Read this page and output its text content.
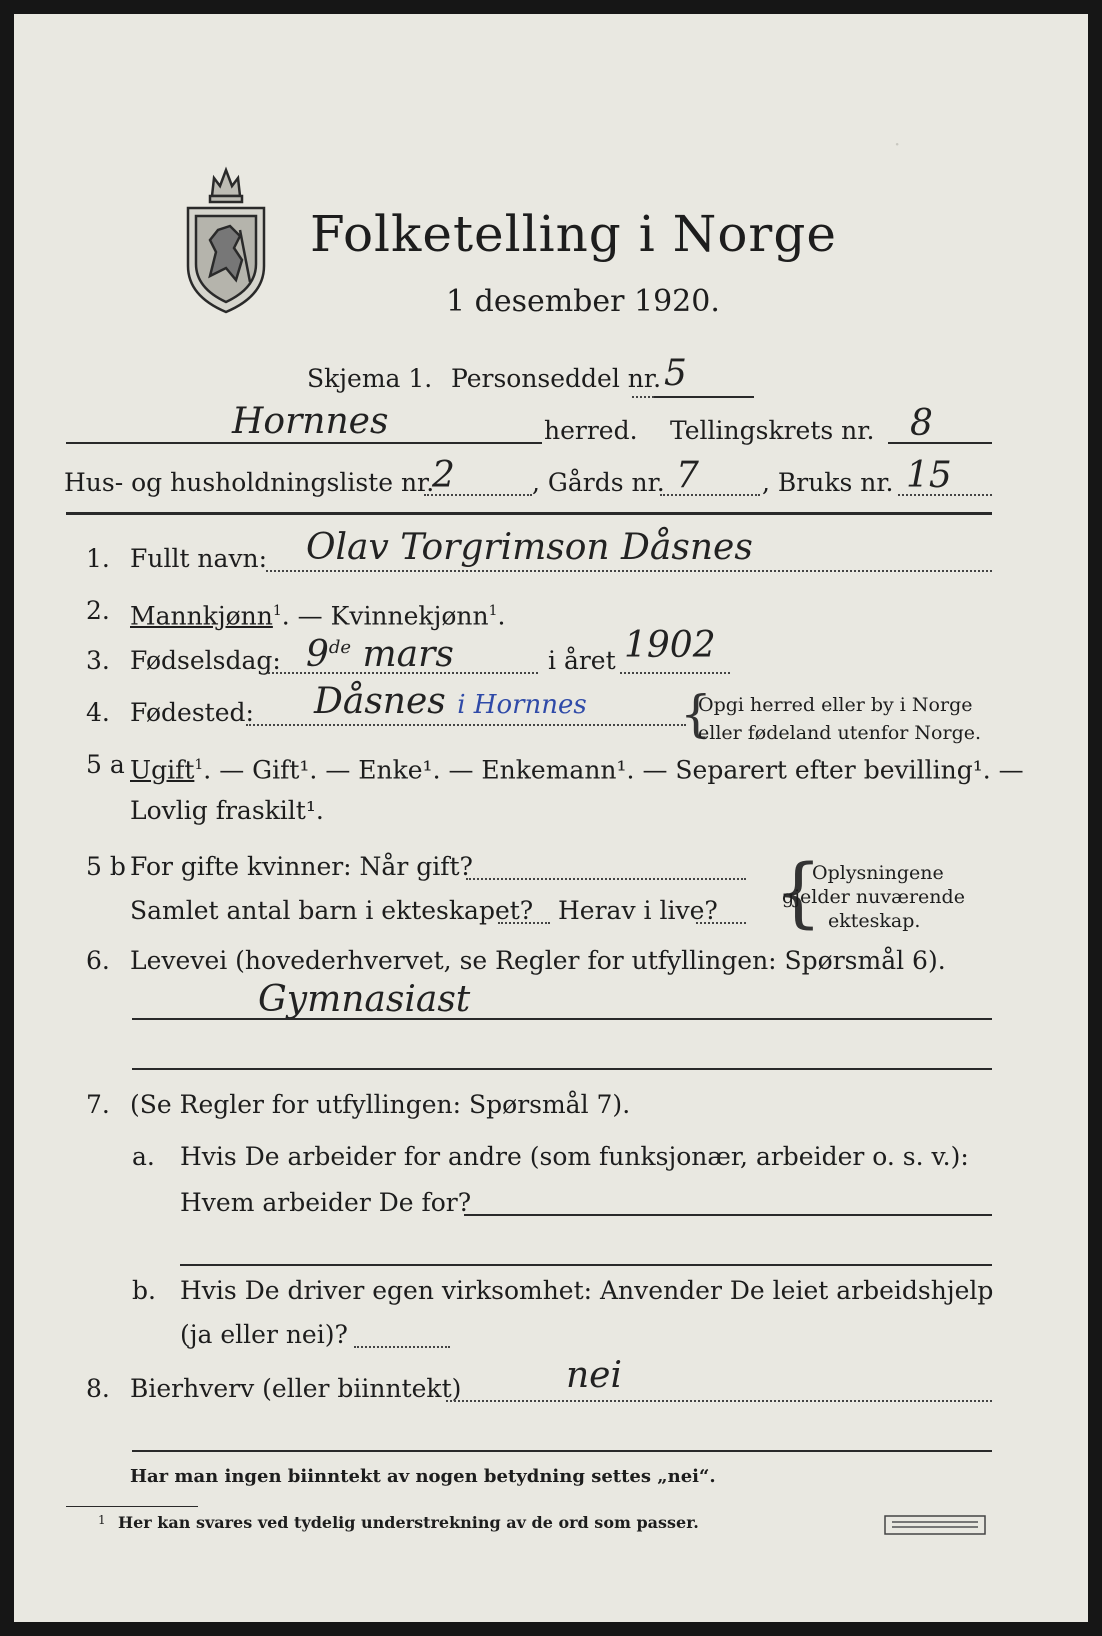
·
Folketelling i Norge
1 desember 1920.
Skjema 1. Personseddel nr. 5
Hornnes	herred. Tellingskrets nr. 8
Hus- og husholdningsliste nr.
2	, Gårds nr. 7	, Bruks nr. 15
1. Fullt navn: Olav Torgrimson Dåsnes
2. Mannkjønn$^1$. — Kvinnekjønn$^1$.
3. Fødselsdag: 9de mars	i året 1902
4. Fødested: Dåsnes i Hornnes {
Opgi herred eller by i Norge
eller fødeland utenfor Norge.
5 a Ugift$^1$. — Gift¹. — Enke¹. — Enkemann¹. — Separert efter bevilling¹. —
Lovlig fraskilt¹.
5 b For gifte kvinner: Når gift?
Samlet antal barn i ekteskapet? Herav i live? {
Oplysningene
gjelder nuværende
ekteskap.
6. Levevei (hovederhvervet, se Regler for utfyllingen: Spørsmål 6).
Gymnasiast
7. (Se Regler for utfyllingen: Spørsmål 7).
a. Hvis De arbeider for andre (som funksjonær, arbeider o. s. v.):
Hvem arbeider De for?
b. Hvis De driver egen virksomhet: Anvender De leiet arbeidshjelp
(ja eller nei)?
8. Bierhverv (eller biinntekt)	nei
Har man ingen biinntekt av nogen betydning settes „nei“.
1 Her kan svares ved tydelig understrekning av de ord som passer.
